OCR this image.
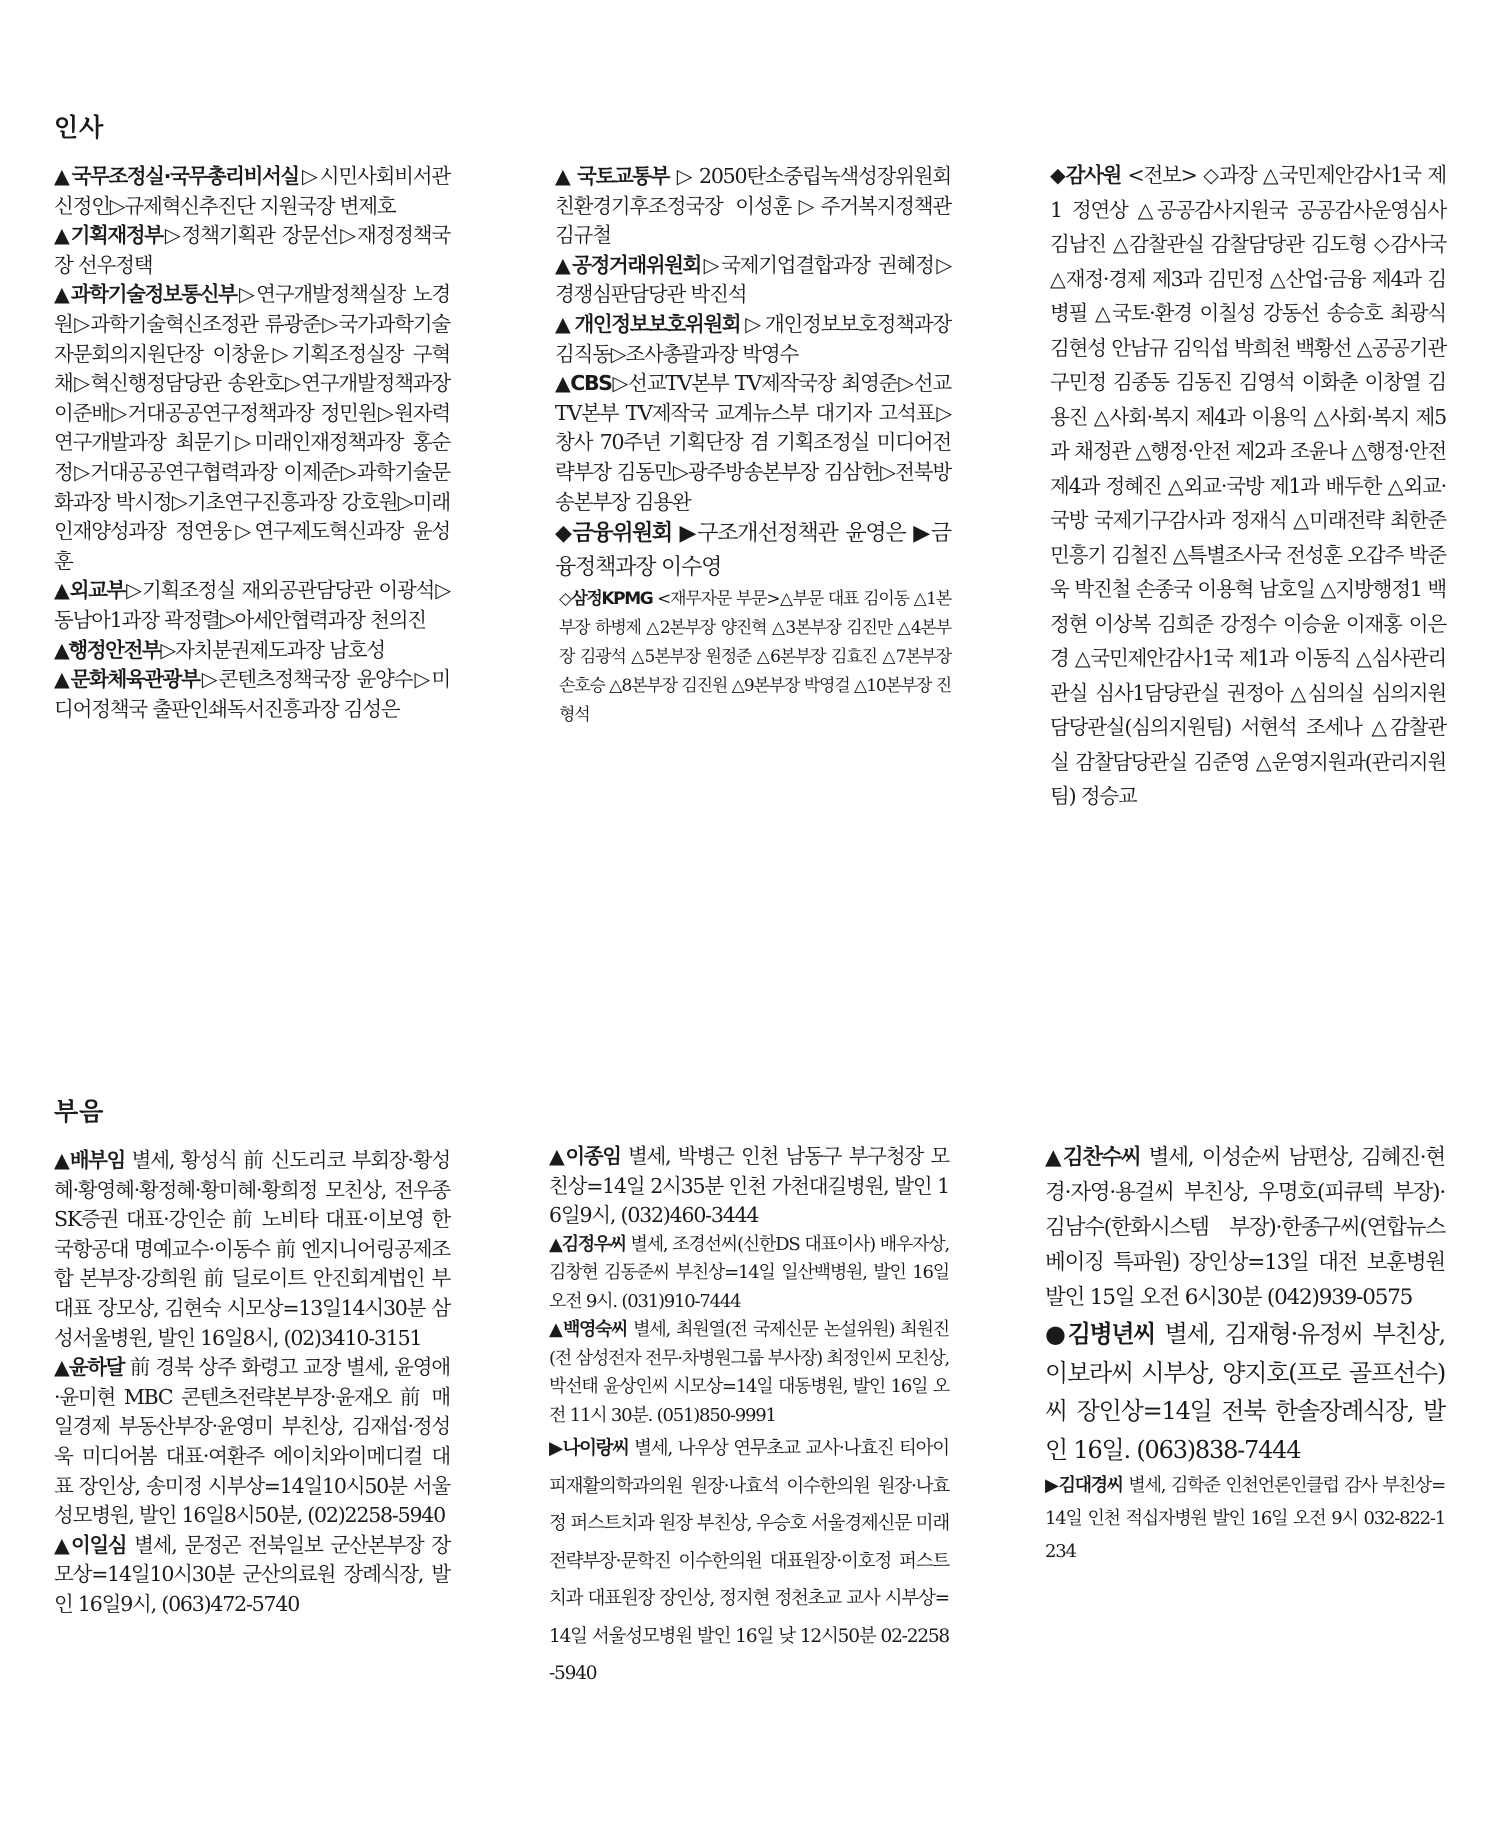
인사

▲국무조정실·국무총리비서실▷시민사회비서관 신정인▷규제혁신추진단 지원국장 변제호

▲기획재정부▷정책기획관 장문선▷재정정책국장 선우정택

▲과학기술정보통신부▷연구개발정책실장 노경원▷과학기술혁신조정관 류광준▷국가과학기술자문회의지원단장 이창윤▷기획조정실장 구혁채▷혁신행정담당관 송완호▷연구개발정책과장 이준배▷거대공공연구정책과장 정민원▷원자력연구개발과장 최문기▷미래인재정책과장 홍순정▷거대공공연구협력과장 이제준▷과학기술문화과장 박시정▷기초연구진흥과장 강호원▷미래인재양성과장 정연웅▷연구제도혁신과장 윤성훈

▲외교부▷기획조정실 재외공관담당관 이광석▷동남아1과장 곽정렬▷아세안협력과장 천의진

▲행정안전부▷자치분권제도과장 남호성

▲문화체육관광부▷콘텐츠정책국장 윤양수▷미디어정책국 출판인쇄독서진흥과장 김성은

▲국토교통부▷2050탄소중립녹색성장위원회 친환경기후조정국장 이성훈▷주거복지정책관 김규철

▲공정거래위원회▷국제기업결합과장 권혜정▷경쟁심판담당관 박진석

▲개인정보보호위원회▷개인정보보호정책과장 김직동▷조사총괄과장 박영수

▲CBS▷선교TV본부 TV제작국장 최영준▷선교TV본부 TV제작국 교계뉴스부 대기자 고석표▷창사 70주년 기획단장 겸 기획조정실 미디어전략부장 김동민▷광주방송본부장 김삼헌▷전북방송본부장 김용완

◆금융위원회 ▶구조개선정책관 윤영은 ▶금융정책과장 이수영

◇삼정KPMG <재무자문 부문>△부문 대표 김이동 △1본부장 하병제 △2본부장 양진혁 △3본부장 김진만 △4본부장 김광석 △5본부장 원정준 △6본부장 김효진 △7본부장 손호승 △8본부장 김진원 △9본부장 박영걸 △10본부장 진형석

◆감사원 <전보> ◇과장 △국민제안감사1국 제1 정연상 △공공감사지원국 공공감사운영심사 김남진 △감찰관실 감찰담당관 김도형 ◇감사국 △재정·경제 제3과 김민정 △산업·금융 제4과 김병필 △국토·환경 이칠성 강동선 송승호 최광식 김현성 안남규 김익섭 박희천 백황선 △공공기관 구민정 김종동 김동진 김영석 이화춘 이창열 김용진 △사회·복지 제4과 이용익 △사회·복지 제5과 채정관 △행정·안전 제2과 조윤나 △행정·안전 제4과 정혜진 △외교·국방 제1과 배두한 △외교·국방 국제기구감사과 정재식 △미래전략 최한준 민흥기 김철진 △특별조사국 전성훈 오갑주 박준욱 박진철 손종국 이용혁 남호일 △지방행정1 백정현 이상복 김희준 강정수 이승윤 이재홍 이은경 △국민제안감사1국 제1과 이동직 △심사관리관실 심사1담당관실 권정아 △심의실 심의지원담당관실(심의지원팀) 서현석 조세나 △감찰관실 감찰담당관실 김준영 △운영지원과(관리지원팀) 정승교

부음

▲배부임 별세, 황성식 前 신도리코 부회장·황성혜·황영혜·황정혜·황미혜·황희정 모친상, 전우종 SK증권 대표·강인순 前 노비타 대표·이보영 한국항공대 명예교수·이동수 前 엔지니어링공제조합 본부장·강희원 前 딜로이트 안진회계법인 부대표 장모상, 김현숙 시모상=13일14시30분 삼성서울병원, 발인 16일8시, (02)3410-3151

▲윤하달 前 경북 상주 화령고 교장 별세, 윤영애·윤미현 MBC 콘텐츠전략본부장·윤재오 前 매일경제 부동산부장·윤영미 부친상, 김재섭·정성욱 미디어봄 대표·여환주 에이치와이메디컬 대표 장인상, 송미정 시부상=14일10시50분 서울성모병원, 발인 16일8시50분, (02)2258-5940

▲이일심 별세, 문정곤 전북일보 군산본부장 장모상=14일10시30분 군산의료원 장례식장, 발인 16일9시, (063)472-5740

▲이종임 별세, 박병근 인천 남동구 부구청장 모친상=14일 2시35분 인천 가천대길병원, 발인 16일9시, (032)460-3444

▲김정우씨 별세, 조경선씨(신한DS 대표이사) 배우자상, 김창현 김동준씨 부친상=14일 일산백병원, 발인 16일 오전 9시. (031)910-7444

▲백영숙씨 별세, 최원열(전 국제신문 논설위원) 최원진(전 삼성전자 전무·차병원그룹 부사장) 최정인씨 모친상, 박선태 윤상인씨 시모상=14일 대동병원, 발인 16일 오전 11시 30분. (051)850-9991

▶나이랑씨 별세, 나우상 연무초교 교사·나효진 티아이피재활의학과의원 원장·나효석 이수한의원 원장·나효정 퍼스트치과 원장 부친상, 우승호 서울경제신문 미래전략부장·문학진 이수한의원 대표원장·이호정 퍼스트치과 대표원장 장인상, 정지현 정천초교 교사 시부상=14일 서울성모병원 발인 16일 낮 12시50분 02-2258-5940

▲김찬수씨 별세, 이성순씨 남편상, 김혜진·현경·자영·용걸씨 부친상, 우명호(피큐텍 부장)·김남수(한화시스템 부장)·한종구씨(연합뉴스 베이징 특파원) 장인상=13일 대전 보훈병원 발인 15일 오전 6시30분 (042)939-0575

●김병년씨 별세, 김재형·유정씨 부친상, 이보라씨 시부상, 양지호(프로 골프선수)씨 장인상=14일 전북 한솔장례식장, 발인 16일. (063)838-7444

▶김대경씨 별세, 김학준 인천언론인클럽 감사 부친상=14일 인천 적십자병원 발인 16일 오전 9시 032-822-1234
